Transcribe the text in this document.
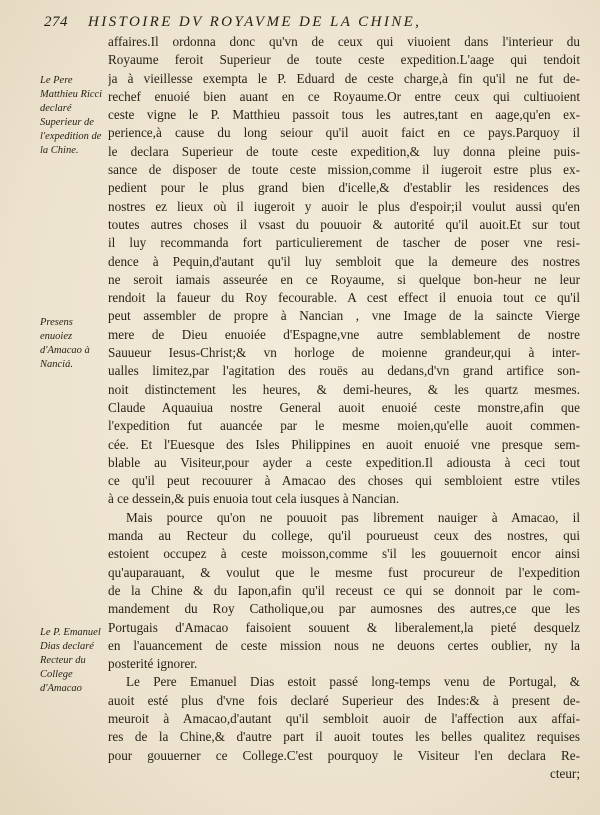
274 HISTOIRE DV ROYAVME DE LA CHINE,
Le Pere Matthieu Ricci declaré Superieur de l'expedition de la Chine.
Presens enuoiez d'Amacao à Nanciá.
Le P. Emanuel Dias declaré Recteur du College d'Amacao
affaires.Il ordonna donc qu'vn de ceux qui viuoient dans l'interieur du
Royaume feroit Superieur de toute ceste expedition.L'aage qui tendoit
ja à vieillesse exempta le P. Eduard de ceste charge,à fin qu'il ne fut de-
rechef enuoié bien auant en ce Royaume.Or entre ceux qui cultiuoient
ceste vigne le P. Matthieu passoit tous les autres,tant en aage,qu'en ex-
perience,à cause du long seiour qu'il auoit faict en ce pays.Parquoy il
le declara Superieur de toute ceste expedition,& luy donna pleine puis-
sance de disposer de toute ceste mission,comme il iugeroit estre plus ex-
pedient pour le plus grand bien d'icelle,& d'establir les residences des
nostres ez lieux où il iugeroit y auoir le plus d'espoir;il voulut aussi qu'en
toutes autres choses il vsast du pouuoir & autorité qu'il auoit.Et sur tout
il luy recommanda fort particulierement de tascher de poser vne resi-
dence à Pequin,d'autant qu'il luy sembloit que la demeure des nostres
ne seroit iamais asseurée en ce Royaume, si quelque bon-heur ne leur
rendoit la faueur du Roy fecourable. A cest effect il enuoia tout ce qu'il
peut assembler de propre à Nancian , vne Image de la saincte Vierge
mere de Dieu enuoiée d'Espagne,vne autre semblablement de nostre
Sauueur Iesus-Christ;& vn horloge de moienne grandeur,qui à inter-
ualles limitez,par l'agitation des rouës au dedans,d'vn grand artifice son-
noit distinctement les heures, & demi-heures, & les quartz mesmes.
Claude Aquauiua nostre General auoit enuoié ceste monstre,afin que
l'expedition fut auancée par le mesme moien,qu'elle auoit commen-
cée. Et l'Euesque des Isles Philippines en auoit enuoié vne presque sem-
blable au Visiteur,pour ayder a ceste expedition.Il adiousta à ceci tout
ce qu'il peut recouurer à Amacao des choses qui sembloient estre vtiles
à ce dessein,& puis enuoia tout cela iusques à Nancian.
Mais pource qu'on ne pouuoit pas librement nauiger à Amacao, il
manda au Recteur du college, qu'il pourueust ceux des nostres, qui
estoient occupez à ceste moisson,comme s'il les gouuernoit encor ainsi
qu'auparauant, & voulut que le mesme fust procureur de l'expedition
de la Chine & du Iapon,afin qu'il receust ce qui se donnoit par le com-
mandement du Roy Catholique,ou par aumosnes des autres,ce que les
Portugais d'Amacao faisoient souuent & liberalement,la pieté desquelz
en l'auancement de ceste mission nous ne deuons certes oublier, ny la
posterité ignorer.
Le Pere Emanuel Dias estoit passé long-temps venu de Portugal, &
auoit esté plus d'vne fois declaré Superieur des Indes:& à present de-
meuroit à Amacao,d'autant qu'il sembloit auoir de l'affection aux affai-
res de la Chine,& d'autre part il auoit toutes les belles qualitez requises
pour gouuerner ce College.C'est pourquoy le Visiteur l'en declara Re-
cteur;
